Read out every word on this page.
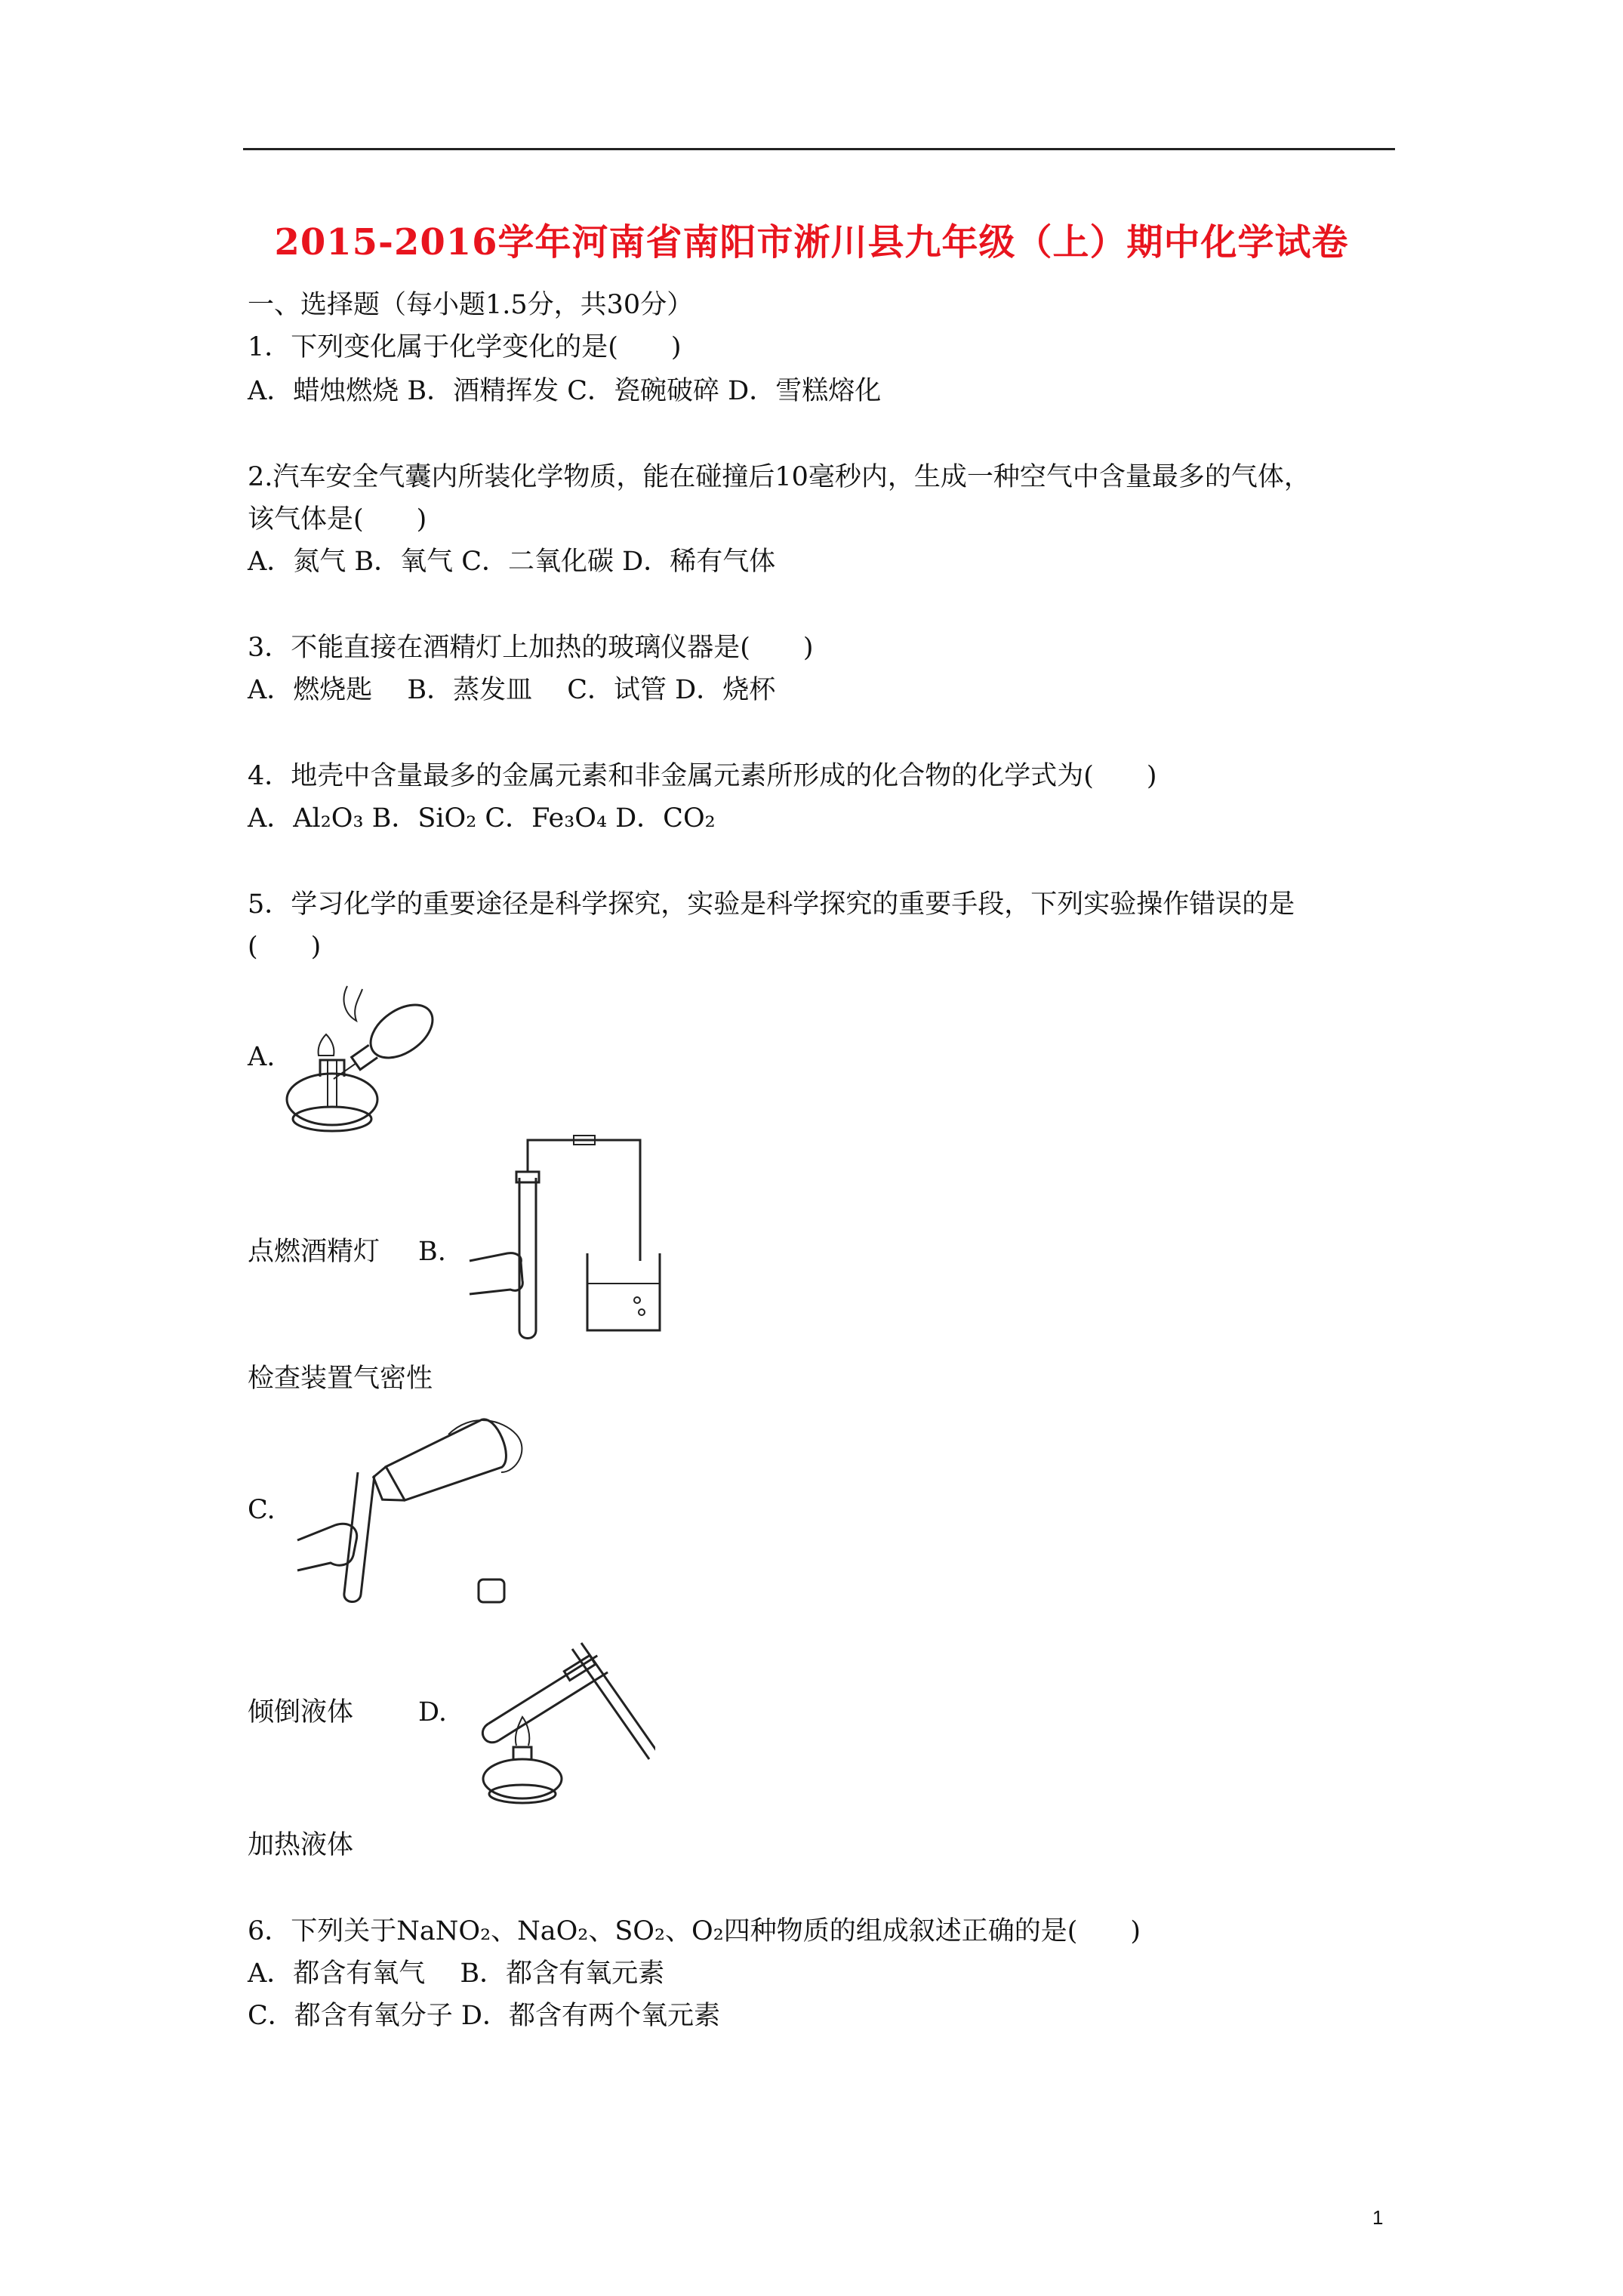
2015-2016学年河南省南阳市淅川县九年级（上）期中化学试卷
一、选择题（每小题1.5分，共30分）
1．下列变化属于化学变化的是(　　)
A．蜡烛燃烧 B．酒精挥发 C．瓷碗破碎 D．雪糕熔化
2.汽车安全气囊内所装化学物质，能在碰撞后10毫秒内，生成一种空气中含量最多的气体，
该气体是(　　)
A．氮气 B．氧气 C．二氧化碳 D．稀有气体
3．不能直接在酒精灯上加热的玻璃仪器是(　　)
A．燃烧匙　 B．蒸发皿　 C．试管 D．烧杯
4．地壳中含量最多的金属元素和非金属元素所形成的化合物的化学式为(　　)
A．Al₂O₃ B．SiO₂ C．Fe₃O₄ D．CO₂
5．学习化学的重要途径是科学探究，实验是科学探究的重要手段，下列实验操作错误的是
(　　)
A.
点燃酒精灯 B.
检查装置气密性
C.
倾倒液体 D.
加热液体
6．下列关于NaNO₂、NaO₂、SO₂、O₂四种物质的组成叙述正确的是(　　)
A．都含有氧气　 B．都含有氧元素
C．都含有氧分子 D．都含有两个氧元素
1
